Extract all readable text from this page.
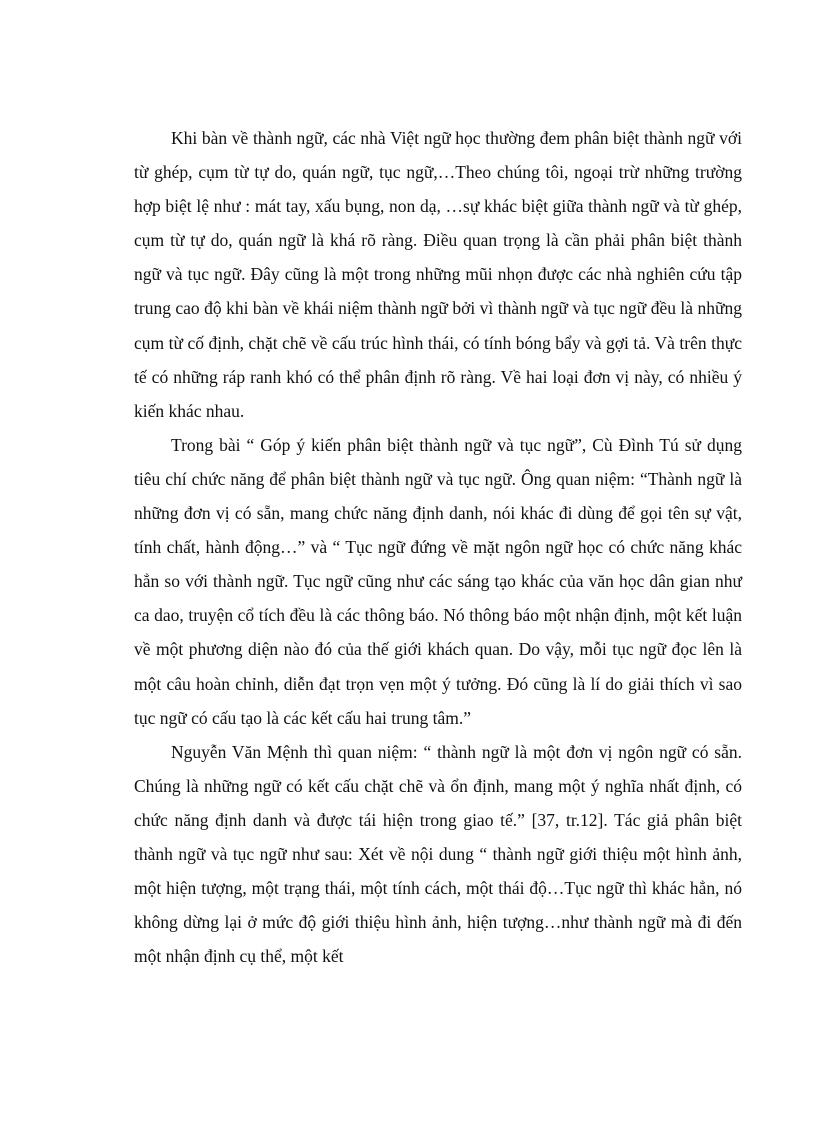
Khi bàn về thành ngữ, các nhà Việt ngữ học thường đem phân biệt thành ngữ với từ ghép, cụm từ tự do, quán ngữ, tục ngữ,…Theo chúng tôi, ngoại trừ những trường hợp biệt lệ như : mát tay, xấu bụng, non dạ, …sự khác biệt giữa thành ngữ và từ ghép, cụm từ tự do, quán ngữ là khá rõ ràng. Điều quan trọng là cần phải phân biệt thành ngữ và tục ngữ. Đây cũng là một trong những mũi nhọn được các nhà nghiên cứu tập trung cao độ khi bàn về khái niệm thành ngữ bởi vì thành ngữ và tục ngữ đều là những cụm từ cố định, chặt chẽ về cấu trúc hình thái, có tính bóng bẩy và gợi tả. Và trên thực tế có những ráp ranh khó có thể phân định rõ ràng. Về hai loại đơn vị này, có nhiều ý kiến khác nhau.

Trong bài “ Góp ý kiến phân biệt thành ngữ và tục ngữ”, Cù Đình Tú sử dụng tiêu chí chức năng để phân biệt thành ngữ và tục ngữ. Ông quan niệm: “Thành ngữ là những đơn vị có sẵn, mang chức năng định danh, nói khác đi dùng để gọi tên sự vật, tính chất, hành động…” và “ Tục ngữ đứng về mặt ngôn ngữ học có chức năng khác hẳn so với thành ngữ. Tục ngữ cũng như các sáng tạo khác của văn học dân gian như ca dao, truyện cổ tích đều là các thông báo. Nó thông báo một nhận định, một kết luận về một phương diện nào đó của thế giới khách quan. Do vậy, mỗi tục ngữ đọc lên là một câu hoàn chỉnh, diễn đạt trọn vẹn một ý tưởng. Đó cũng là lí do giải thích vì sao tục ngữ có cấu tạo là các kết cấu hai trung tâm.”

Nguyễn Văn Mệnh thì quan niệm: “ thành ngữ là một đơn vị ngôn ngữ có sẵn. Chúng là những ngữ có kết cấu chặt chẽ và ổn định, mang một ý nghĩa nhất định, có chức năng định danh và được tái hiện trong giao tế.” [37, tr.12]. Tác giả phân biệt thành ngữ và tục ngữ như sau: Xét về nội dung “ thành ngữ giới thiệu một hình ảnh, một hiện tượng, một trạng thái, một tính cách, một thái độ…Tục ngữ thì khác hẳn, nó không dừng lại ở mức độ giới thiệu hình ảnh, hiện tượng…như thành ngữ mà đi đến một nhận định cụ thể, một kết
